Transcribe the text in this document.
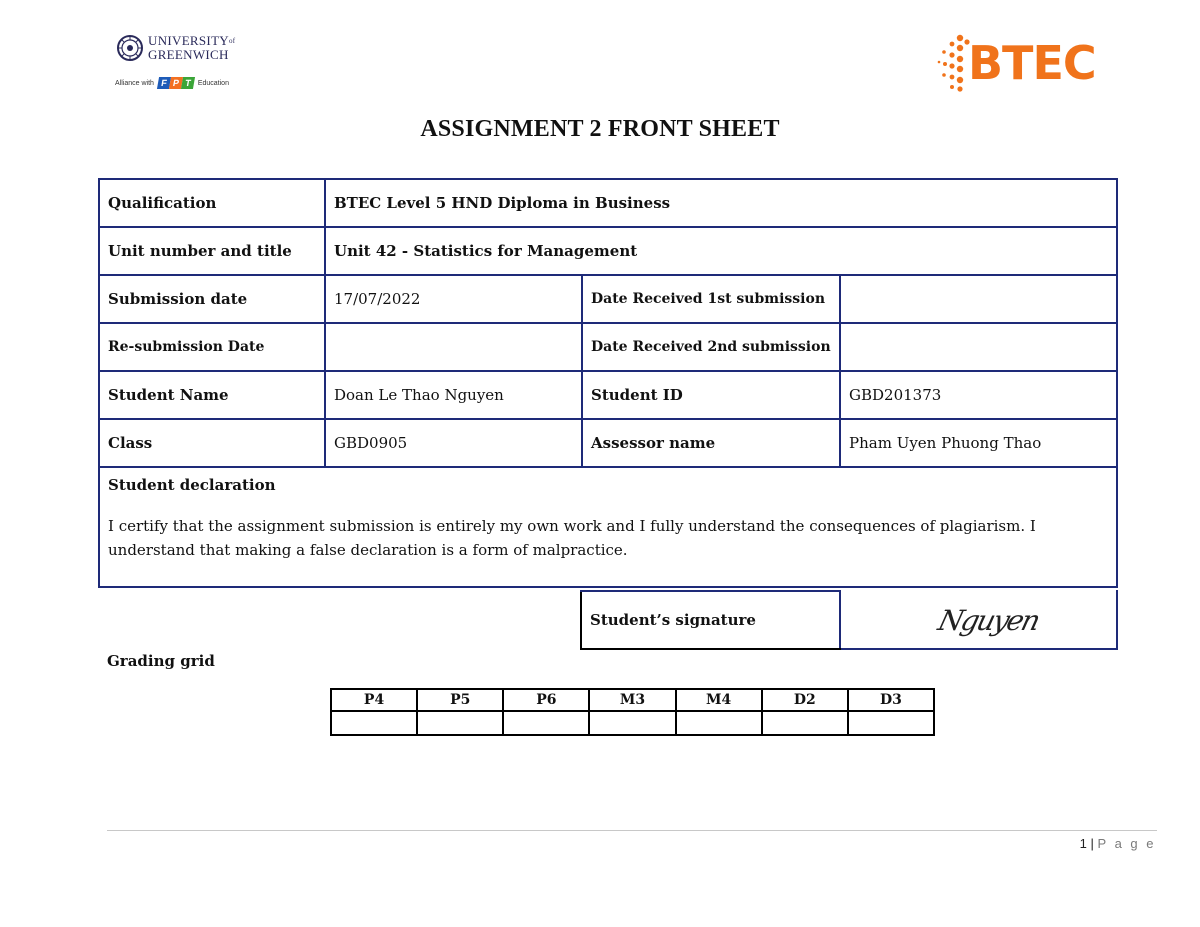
$UNIVERSITY^{of}$
GREENWICH
Alliance with F P T Education	BTEC
ASSIGNMENT 2 FRONT SHEET
Qualification	BTEC Level 5 HND Diploma in Business		
Unit number and title	Unit 42 - Statistics for Management		
Submission date	17/07/2022	Date Received 1st submission	
Re-submission Date		Date Received 2nd submission	
Student Name	Doan Le Thao Nguyen	Student ID	GBD201373
Class	GBD0905	Assessor name	Pham Uyen Phuong Thao

Student declaration
I certify that the assignment submission is entirely my own work and I fully understand the consequences of plagiarism. I understand that making a false declaration is a form of malpractice.			
Student’s signature	Nguyen
Grading grid
P4	P5	P6	M3	M4	D2	D3

1 | P a g e
